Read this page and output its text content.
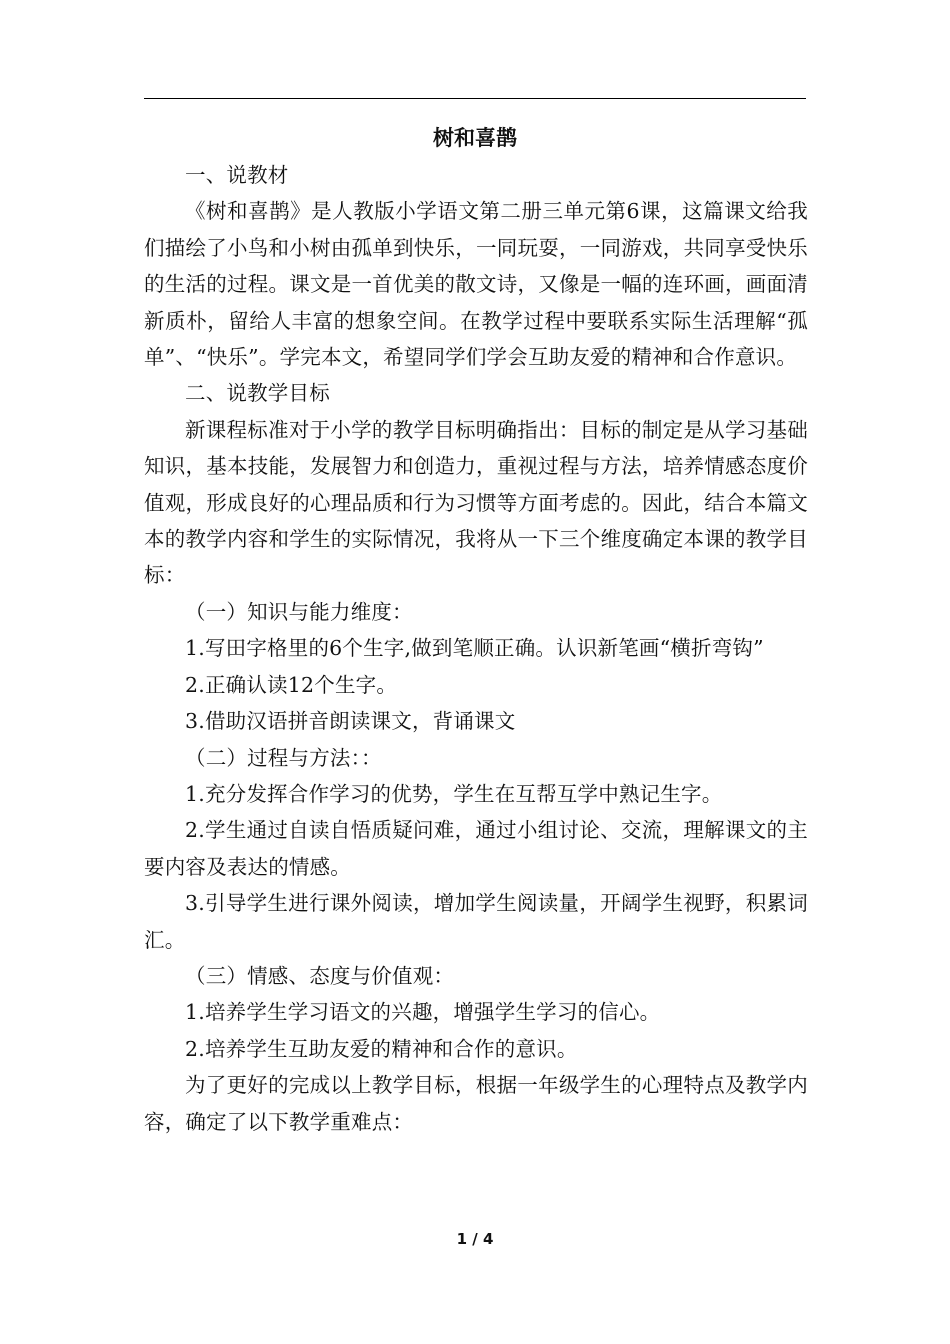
树和喜鹊

一、说教材

《树和喜鹊》是人教版小学语文第二册三单元第6课，这篇课文给我们描绘了小鸟和小树由孤单到快乐，一同玩耍，一同游戏，共同享受快乐的生活的过程。课文是一首优美的散文诗，又像是一幅的连环画，画面清新质朴，留给人丰富的想象空间。在教学过程中要联系实际生活理解“孤单”、“快乐”。学完本文，希望同学们学会互助友爱的精神和合作意识。

二、说教学目标

新课程标准对于小学的教学目标明确指出：目标的制定是从学习基础知识，基本技能，发展智力和创造力，重视过程与方法，培养情感态度价值观，形成良好的心理品质和行为习惯等方面考虑的。因此，结合本篇文本的教学内容和学生的实际情况，我将从一下三个维度确定本课的教学目标：

（一）知识与能力维度：

1.写田字格里的6个生字,做到笔顺正确。认识新笔画“横折弯钩”

2.正确认读12个生字。

3.借助汉语拼音朗读课文，背诵课文

（二）过程与方法：：

1.充分发挥合作学习的优势，学生在互帮互学中熟记生字。

2.学生通过自读自悟质疑问难，通过小组讨论、交流，理解课文的主要内容及表达的情感。

3.引导学生进行课外阅读，增加学生阅读量，开阔学生视野，积累词汇。

（三）情感、态度与价值观：

1.培养学生学习语文的兴趣，增强学生学习的信心。

2.培养学生互助友爱的精神和合作的意识。

为了更好的完成以上教学目标，根据一年级学生的心理特点及教学内容，确定了以下教学重难点：

1 / 4
